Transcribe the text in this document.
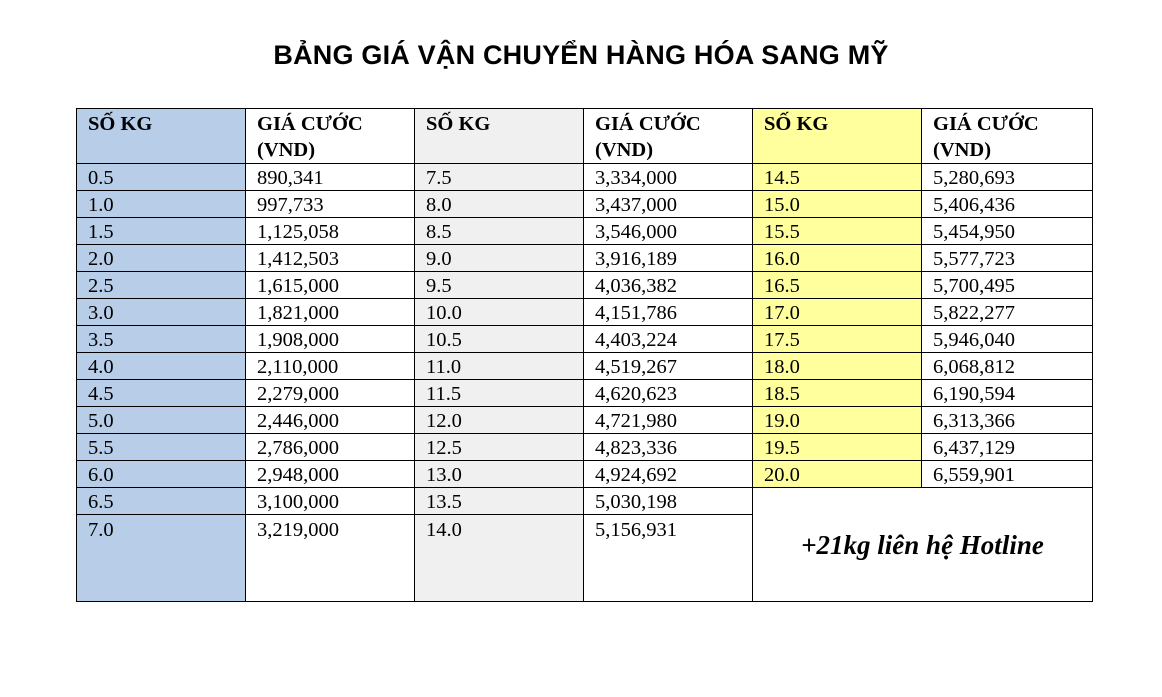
BẢNG GIÁ VẬN CHUYỂN HÀNG HÓA SANG MỸ
SỐ KG	GIÁ CƯỚC (VND)	SỐ KG	GIÁ CƯỚC (VND)	SỐ KG	GIÁ CƯỚC (VND)
0.5	890,341	7.5	3,334,000	14.5	5,280,693
1.0	997,733	8.0	3,437,000	15.0	5,406,436
1.5	1,125,058	8.5	3,546,000	15.5	5,454,950
2.0	1,412,503	9.0	3,916,189	16.0	5,577,723
2.5	1,615,000	9.5	4,036,382	16.5	5,700,495
3.0	1,821,000	10.0	4,151,786	17.0	5,822,277
3.5	1,908,000	10.5	4,403,224	17.5	5,946,040
4.0	2,110,000	11.0	4,519,267	18.0	6,068,812
4.5	2,279,000	11.5	4,620,623	18.5	6,190,594
5.0	2,446,000	12.0	4,721,980	19.0	6,313,366
5.5	2,786,000	12.5	4,823,336	19.5	6,437,129
6.0	2,948,000	13.0	4,924,692	20.0	6,559,901
6.5	3,100,000	13.5	5,030,198	+21kg liên hệ Hotline	
7.0	3,219,000	14.0	5,156,931		
